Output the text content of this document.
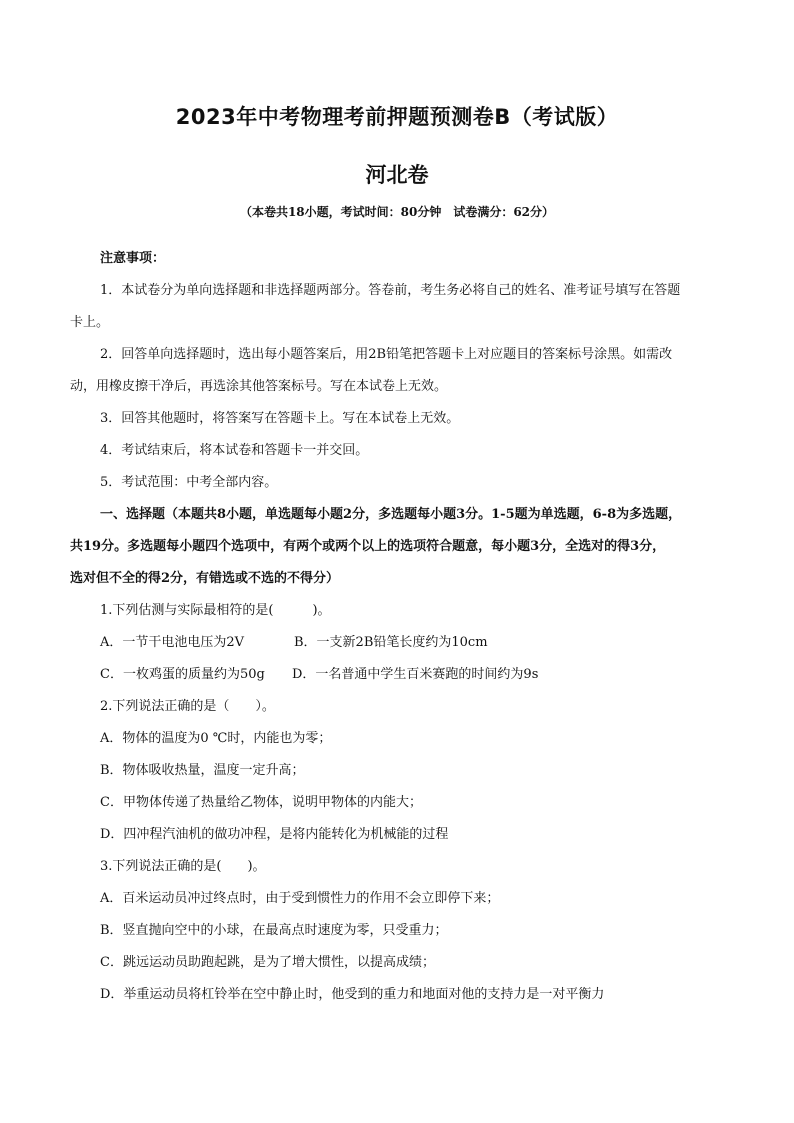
2023年中考物理考前押题预测卷B（考试版）
河北卷
（本卷共18小题，考试时间：80分钟　试卷满分：62分）
注意事项：
1．本试卷分为单向选择题和非选择题两部分。答卷前，考生务必将自己的姓名、准考证号填写在答题
卡上。
2．回答单向选择题时，选出每小题答案后，用2B铅笔把答题卡上对应题目的答案标号涂黑。如需改
动，用橡皮擦干净后，再选涂其他答案标号。写在本试卷上无效。
3．回答其他题时，将答案写在答题卡上。写在本试卷上无效。
4．考试结束后，将本试卷和答题卡一并交回。
5．考试范围：中考全部内容。
一、选择题（本题共8小题，单选题每小题2分，多选题每小题3分。1-5题为单选题，6-8为多选题，
共19分。多选题每小题四个选项中，有两个或两个以上的选项符合题意，每小题3分，全选对的得3分，
选对但不全的得2分，有错选或不选的不得分）
1.下列估测与实际最相符的是(　　　)。
A．一节干电池电压为2V	B．一支新2B铅笔长度约为10cm
C．一枚鸡蛋的质量约为50g D．一名普通中学生百米赛跑的时间约为9s
2.下列说法正确的是（　　）。
A．物体的温度为0 ℃时，内能也为零；
B．物体吸收热量，温度一定升高；
C．甲物体传递了热量给乙物体，说明甲物体的内能大；
D．四冲程汽油机的做功冲程，是将内能转化为机械能的过程
3.下列说法正确的是(　　)。
A．百米运动员冲过终点时，由于受到惯性力的作用不会立即停下来；
B．竖直抛向空中的小球，在最高点时速度为零，只受重力；
C．跳远运动员助跑起跳，是为了增大惯性，以提高成绩；
D．举重运动员将杠铃举在空中静止时，他受到的重力和地面对他的支持力是一对平衡力
